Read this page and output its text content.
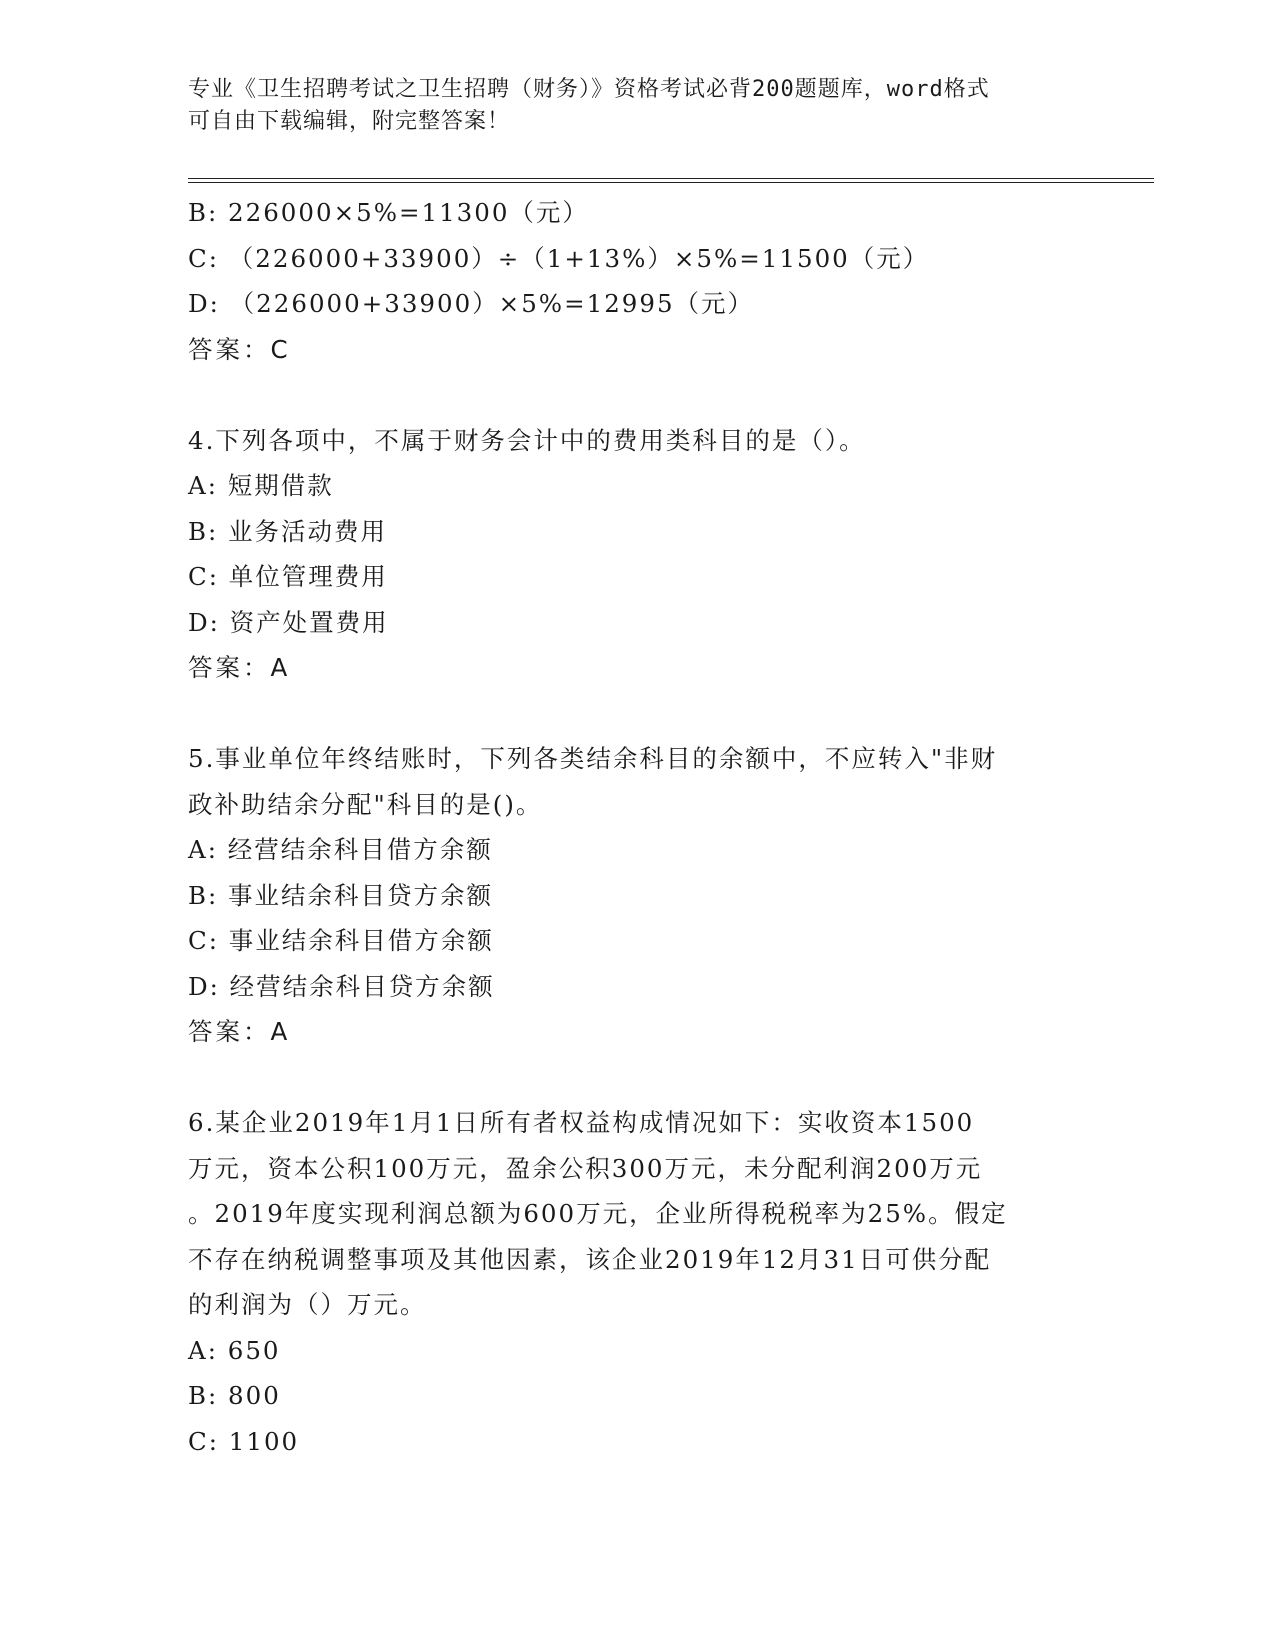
专业《卫生招聘考试之卫生招聘（财务）》资格考试必背200题题库，word格式
可自由下载编辑，附完整答案！
B: 226000×5%=11300（元）
C: （226000+33900）÷（1+13%）×5%=11500（元）
D: （226000+33900）×5%=12995（元）
答案：C
4.下列各项中，不属于财务会计中的费用类科目的是（）。
A: 短期借款
B: 业务活动费用
C: 单位管理费用
D: 资产处置费用
答案：A
5.事业单位年终结账时，下列各类结余科目的余额中，不应转入"非财
政补助结余分配"科目的是()。
A: 经营结余科目借方余额
B: 事业结余科目贷方余额
C: 事业结余科目借方余额
D: 经营结余科目贷方余额
答案：A
6.某企业2019年1月1日所有者权益构成情况如下：实收资本1500
万元，资本公积100万元，盈余公积300万元，未分配利润200万元
。2019年度实现利润总额为600万元，企业所得税税率为25%。假定
不存在纳税调整事项及其他因素，该企业2019年12月31日可供分配
的利润为（）万元。
A: 650
B: 800
C: 1100
